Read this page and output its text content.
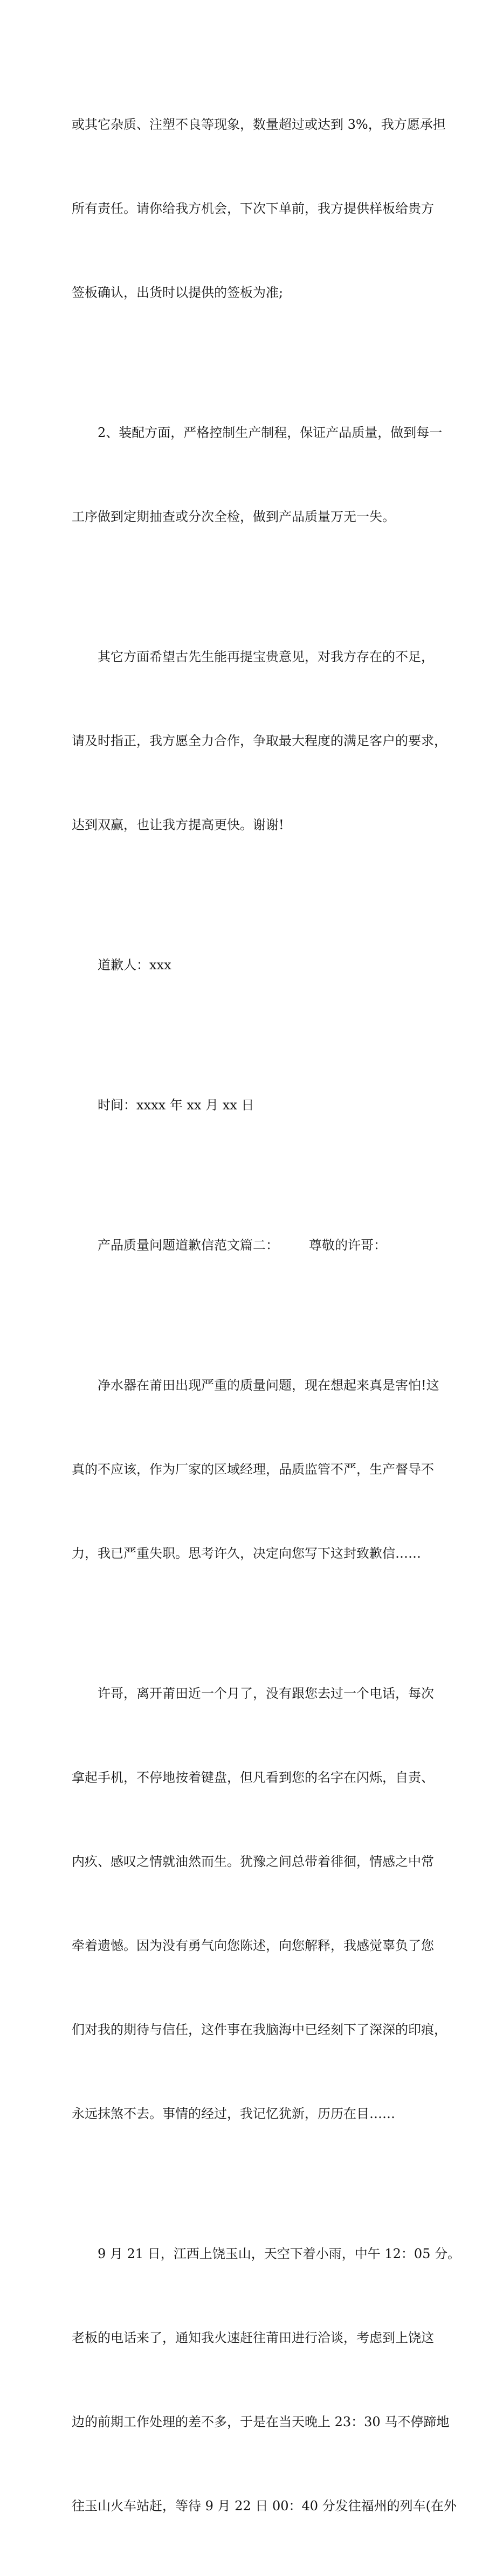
或其它杂质、注塑不良等现象，数量超过或达到 3%，我方愿承担

所有责任。请你给我方机会，下次下单前，我方提供样板给贵方

签板确认，出货时以提供的签板为准;

2、装配方面，严格控制生产制程，保证产品质量，做到每一

工序做到定期抽查或分次全检，做到产品质量万无一失。

其它方面希望古先生能再提宝贵意见，对我方存在的不足，

请及时指正，我方愿全力合作，争取最大程度的满足客户的要求，

达到双赢，也让我方提高更快。谢谢!

道歉人：xxx

时间：xxxx 年 xx 月 xx 日

产品质量问题道歉信范文篇二： 尊敬的许哥：

净水器在莆田出现严重的质量问题，现在想起来真是害怕!这

真的不应该，作为厂家的区域经理，品质监管不严，生产督导不

力，我已严重失职。思考许久，决定向您写下这封致歉信……

许哥，离开莆田近一个月了，没有跟您去过一个电话，每次

拿起手机，不停地按着键盘，但凡看到您的名字在闪烁，自责、

内疚、感叹之情就油然而生。犹豫之间总带着徘徊，情感之中常

牵着遗憾。因为没有勇气向您陈述，向您解释，我感觉辜负了您

们对我的期待与信任，这件事在我脑海中已经刻下了深深的印痕，

永远抹煞不去。事情的经过，我记忆犹新，历历在目……

9 月 21 日，江西上饶玉山，天空下着小雨，中午 12：05 分。

老板的电话来了，通知我火速赶往莆田进行洽谈，考虑到上饶这

边的前期工作处理的差不多，于是在当天晚上 23：30 马不停蹄地

往玉山火车站赶，等待 9 月 22 日 00：40 分发往福州的列车(在外
